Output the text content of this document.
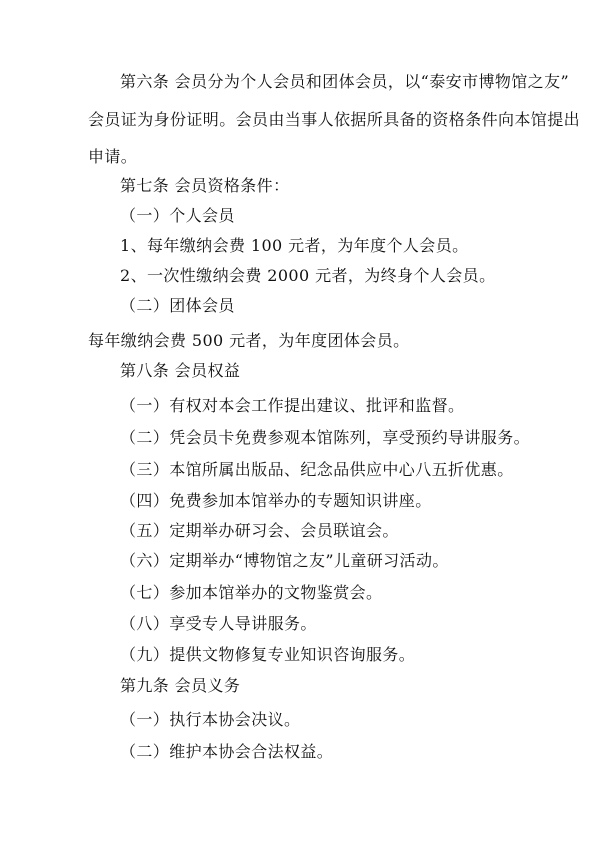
第六条 会员分为个人会员和团体会员，以“泰安市博物馆之友”
会员证为身份证明。会员由当事人依据所具备的资格条件向本馆提出
申请。
第七条 会员资格条件：
（一）个人会员
1、每年缴纳会费 100 元者，为年度个人会员。
2、一次性缴纳会费 2000 元者，为终身个人会员。
（二）团体会员
每年缴纳会费 500 元者，为年度团体会员。
第八条 会员权益
（一）有权对本会工作提出建议、批评和监督。
（二）凭会员卡免费参观本馆陈列，享受预约导讲服务。
（三）本馆所属出版品、纪念品供应中心八五折优惠。
（四）免费参加本馆举办的专题知识讲座。
（五）定期举办研习会、会员联谊会。
（六）定期举办“博物馆之友”儿童研习活动。
（七）参加本馆举办的文物鉴赏会。
（八）享受专人导讲服务。
（九）提供文物修复专业知识咨询服务。
第九条 会员义务
（一）执行本协会决议。
（二）维护本协会合法权益。
